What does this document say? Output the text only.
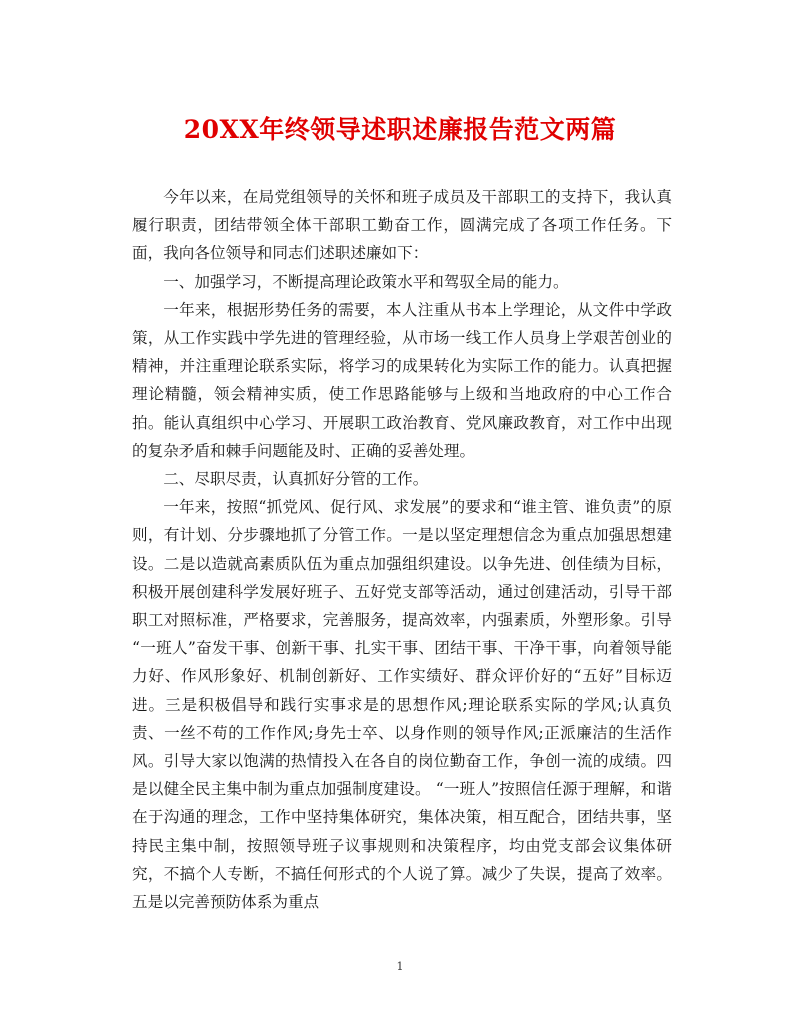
20XX年终领导述职述廉报告范文两篇

今年以来，在局党组领导的关怀和班子成员及干部职工的支持下，我认真履行职责，团结带领全体干部职工勤奋工作，圆满完成了各项工作任务。下面，我向各位领导和同志们述职述廉如下：

一、加强学习，不断提高理论政策水平和驾驭全局的能力。

一年来，根据形势任务的需要，本人注重从书本上学理论，从文件中学政策，从工作实践中学先进的管理经验，从市场一线工作人员身上学艰苦创业的精神，并注重理论联系实际，将学习的成果转化为实际工作的能力。认真把握理论精髓，领会精神实质，使工作思路能够与上级和当地政府的中心工作合拍。能认真组织中心学习、开展职工政治教育、党风廉政教育，对工作中出现的复杂矛盾和棘手问题能及时、正确的妥善处理。

二、尽职尽责，认真抓好分管的工作。

一年来，按照“抓党风、促行风、求发展”的要求和“谁主管、谁负责”的原则，有计划、分步骤地抓了分管工作。一是以坚定理想信念为重点加强思想建设。二是以造就高素质队伍为重点加强组织建设。以争先进、创佳绩为目标，积极开展创建科学发展好班子、五好党支部等活动，通过创建活动，引导干部职工对照标准，严格要求，完善服务，提高效率，内强素质，外塑形象。引导 “一班人”奋发干事、创新干事、扎实干事、团结干事、干净干事，向着领导能力好、作风形象好、机制创新好、工作实绩好、群众评价好的“五好”目标迈进。三是积极倡导和践行实事求是的思想作风;理论联系实际的学风;认真负责、一丝不苟的工作作风;身先士卒、以身作则的领导作风;正派廉洁的生活作风。引导大家以饱满的热情投入在各自的岗位勤奋工作，争创一流的成绩。四是以健全民主集中制为重点加强制度建设。 “一班人”按照信任源于理解，和谐在于沟通的理念，工作中坚持集体研究，集体决策，相互配合，团结共事，坚持民主集中制，按照领导班子议事规则和决策程序，均由党支部会议集体研究，不搞个人专断，不搞任何形式的个人说了算。减少了失误，提高了效率。五是以完善预防体系为重点

1
